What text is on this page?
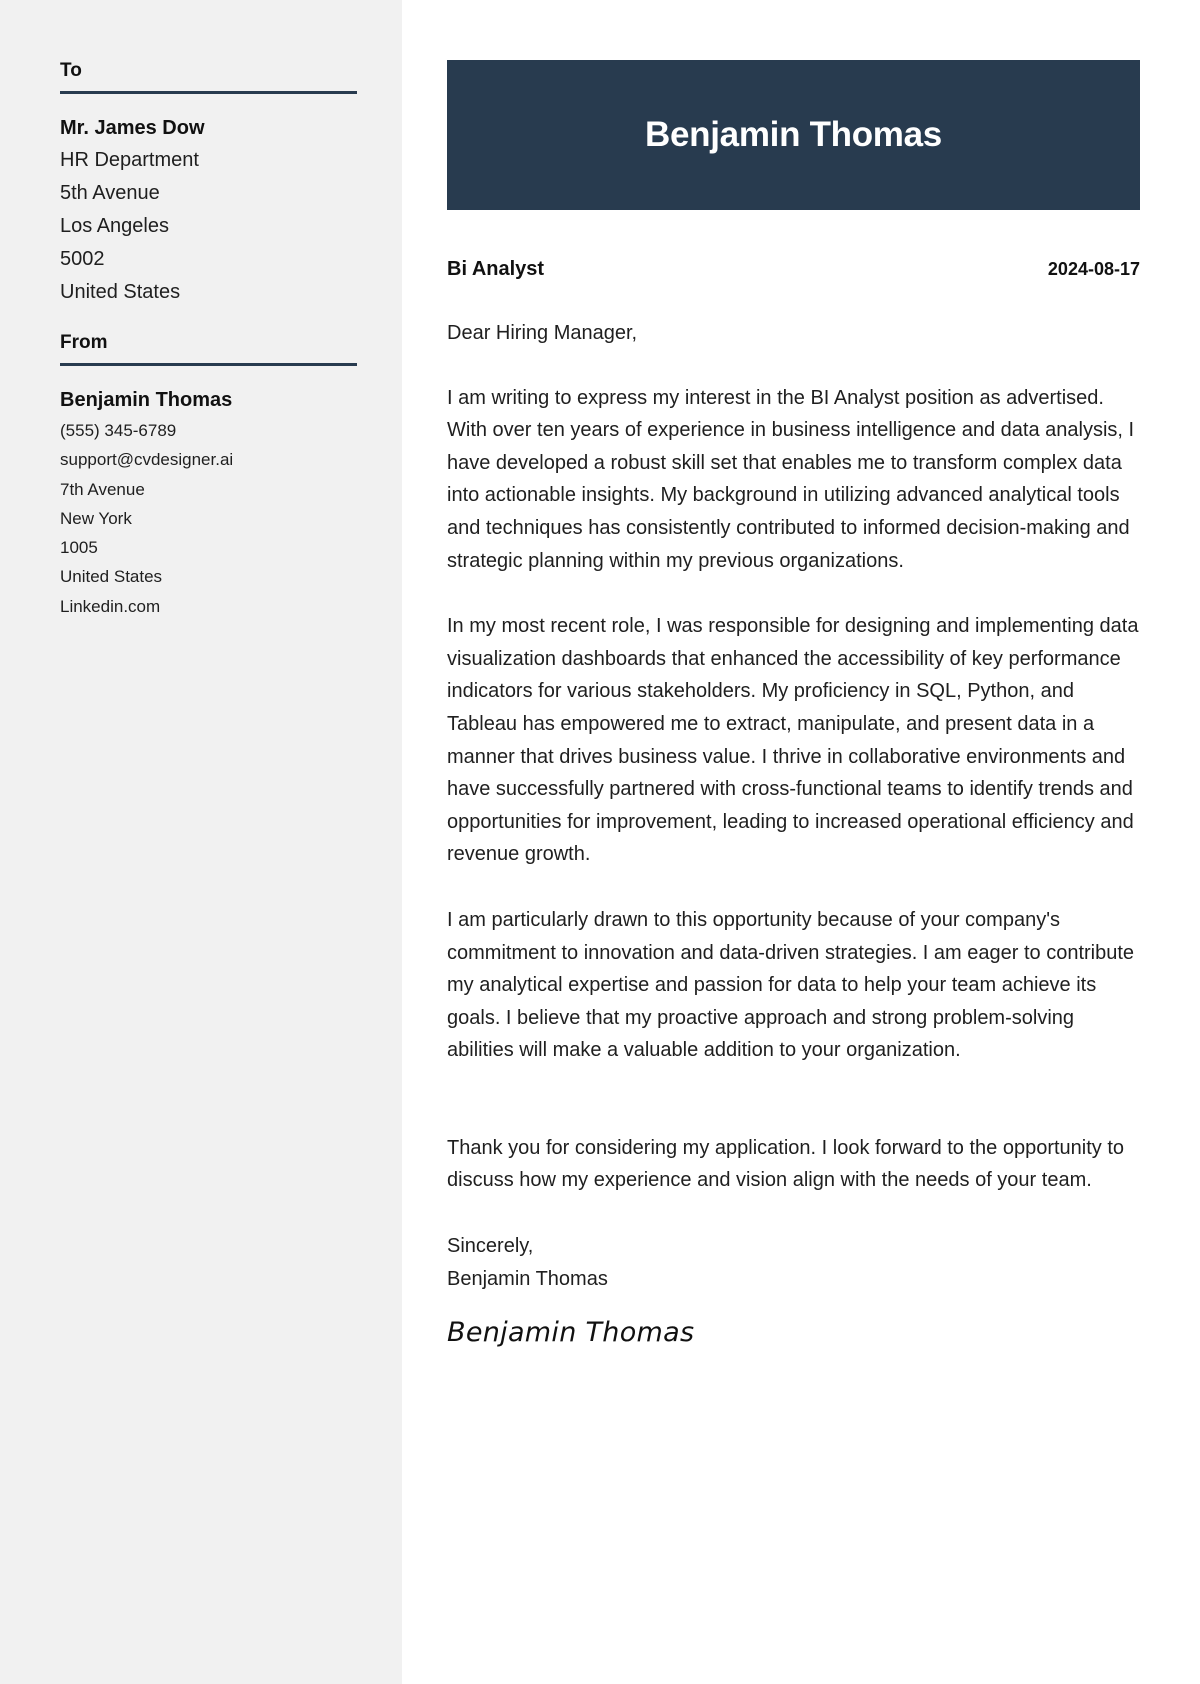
To
Mr. James Dow
HR Department
5th Avenue
Los Angeles
5002
United States
From
Benjamin Thomas
(555) 345-6789
support@cvdesigner.ai
7th Avenue
New York
1005
United States
Linkedin.com
Benjamin Thomas
Bi Analyst	2024-08-17

Dear Hiring Manager,

I am writing to express my interest in the BI Analyst position as advertised. With over ten years of experience in business intelligence and data analysis, I have developed a robust skill set that enables me to transform complex data into actionable insights. My background in utilizing advanced analytical tools and techniques has consistently contributed to informed decision-making and strategic planning within my previous organizations.

In my most recent role, I was responsible for designing and implementing data visualization dashboards that enhanced the accessibility of key performance indicators for various stakeholders. My proficiency in SQL, Python, and Tableau has empowered me to extract, manipulate, and present data in a manner that drives business value. I thrive in collaborative environments and have successfully partnered with cross-functional teams to identify trends and opportunities for improvement, leading to increased operational efficiency and revenue growth.

I am particularly drawn to this opportunity because of your company's commitment to innovation and data-driven strategies. I am eager to contribute my analytical expertise and passion for data to help your team achieve its goals. I believe that my proactive approach and strong problem-solving abilities will make a valuable addition to your organization.

Thank you for considering my application. I look forward to the opportunity to discuss how my experience and vision align with the needs of your team.

Sincerely,
Benjamin Thomas
Benjamin Thomas
